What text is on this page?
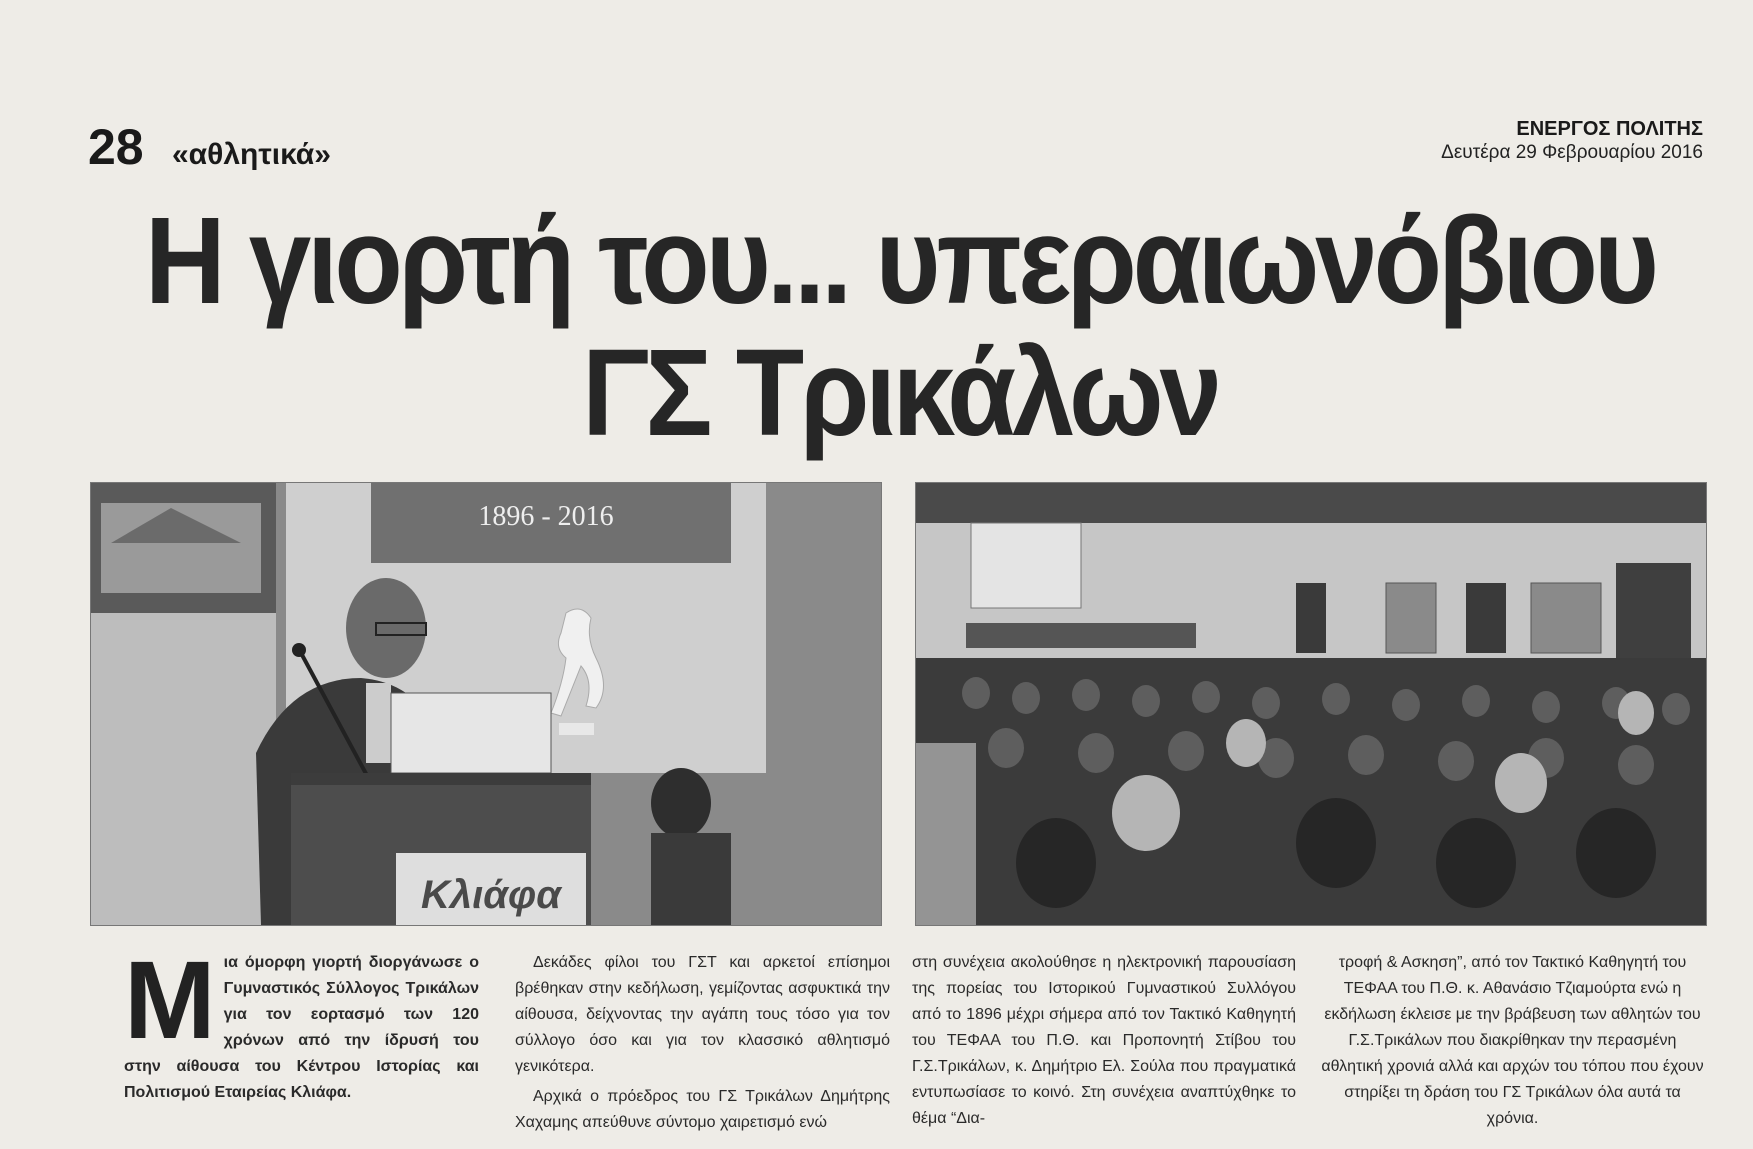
28 «αθλητικά»
ΕΝΕΡΓΟΣ ΠΟΛΙΤΗΣ
Δευτέρα 29 Φεβρουαρίου 2016
Η γιορτή του... υπεραιωνόβιου
ΓΣ Τρικάλων
1896 - 2016
Κλιάφα
Μια όμορφη γιορτή διοργάνωσε ο Γυμναστικός Σύλλογος Τρικάλων για τον εορτασμό των 120 χρόνων από την ίδρυσή του στην αίθουσα του Κέντρου Ιστορίας και Πολιτισμού Εταιρείας Κλιάφα.

Δεκάδες φίλοι του ΓΣΤ και αρκετοί επίσημοι βρέθηκαν στην κεδήλωση, γεμίζοντας ασφυκτικά την αίθουσα, δείχνοντας την αγάπη τους τόσο για τον σύλλογο όσο και για τον κλασσικό αθλητισμό γενικότερα.

Αρχικά ο πρόεδρος του ΓΣ Τρικάλων Δημήτρης Χαχαμης απεύθυνε σύντομο χαιρετισμό ενώ

στη συνέχεια ακολούθησε η ηλεκτρονική παρουσίαση της πορείας του Ιστορικού Γυμναστικού Συλλόγου από το 1896 μέχρι σήμερα από τον Τακτικό Καθηγητή του ΤΕΦΑΑ του Π.Θ. και Προπονητή Στίβου του Γ.Σ.Τρικάλων, κ. Δημήτριο Ελ. Σούλα που πραγματικά εντυπωσίασε το κοινό. Στη συνέχεια αναπτύχθηκε το θέμα “Δια-

τροφή & Ασκηση”, από τον Τακτικό Καθηγητή του ΤΕΦΑΑ του Π.Θ. κ. Αθανάσιο Τζιαμούρτα ενώ η εκδήλωση έκλεισε με την βράβευση των αθλητών του Γ.Σ.Τρικάλων που διακρίθηκαν την περασμένη αθλητική χρονιά αλλά και αρχών του τόπου που έχουν στηρίξει τη δράση του ΓΣ Τρικάλων όλα αυτά τα χρόνια.
